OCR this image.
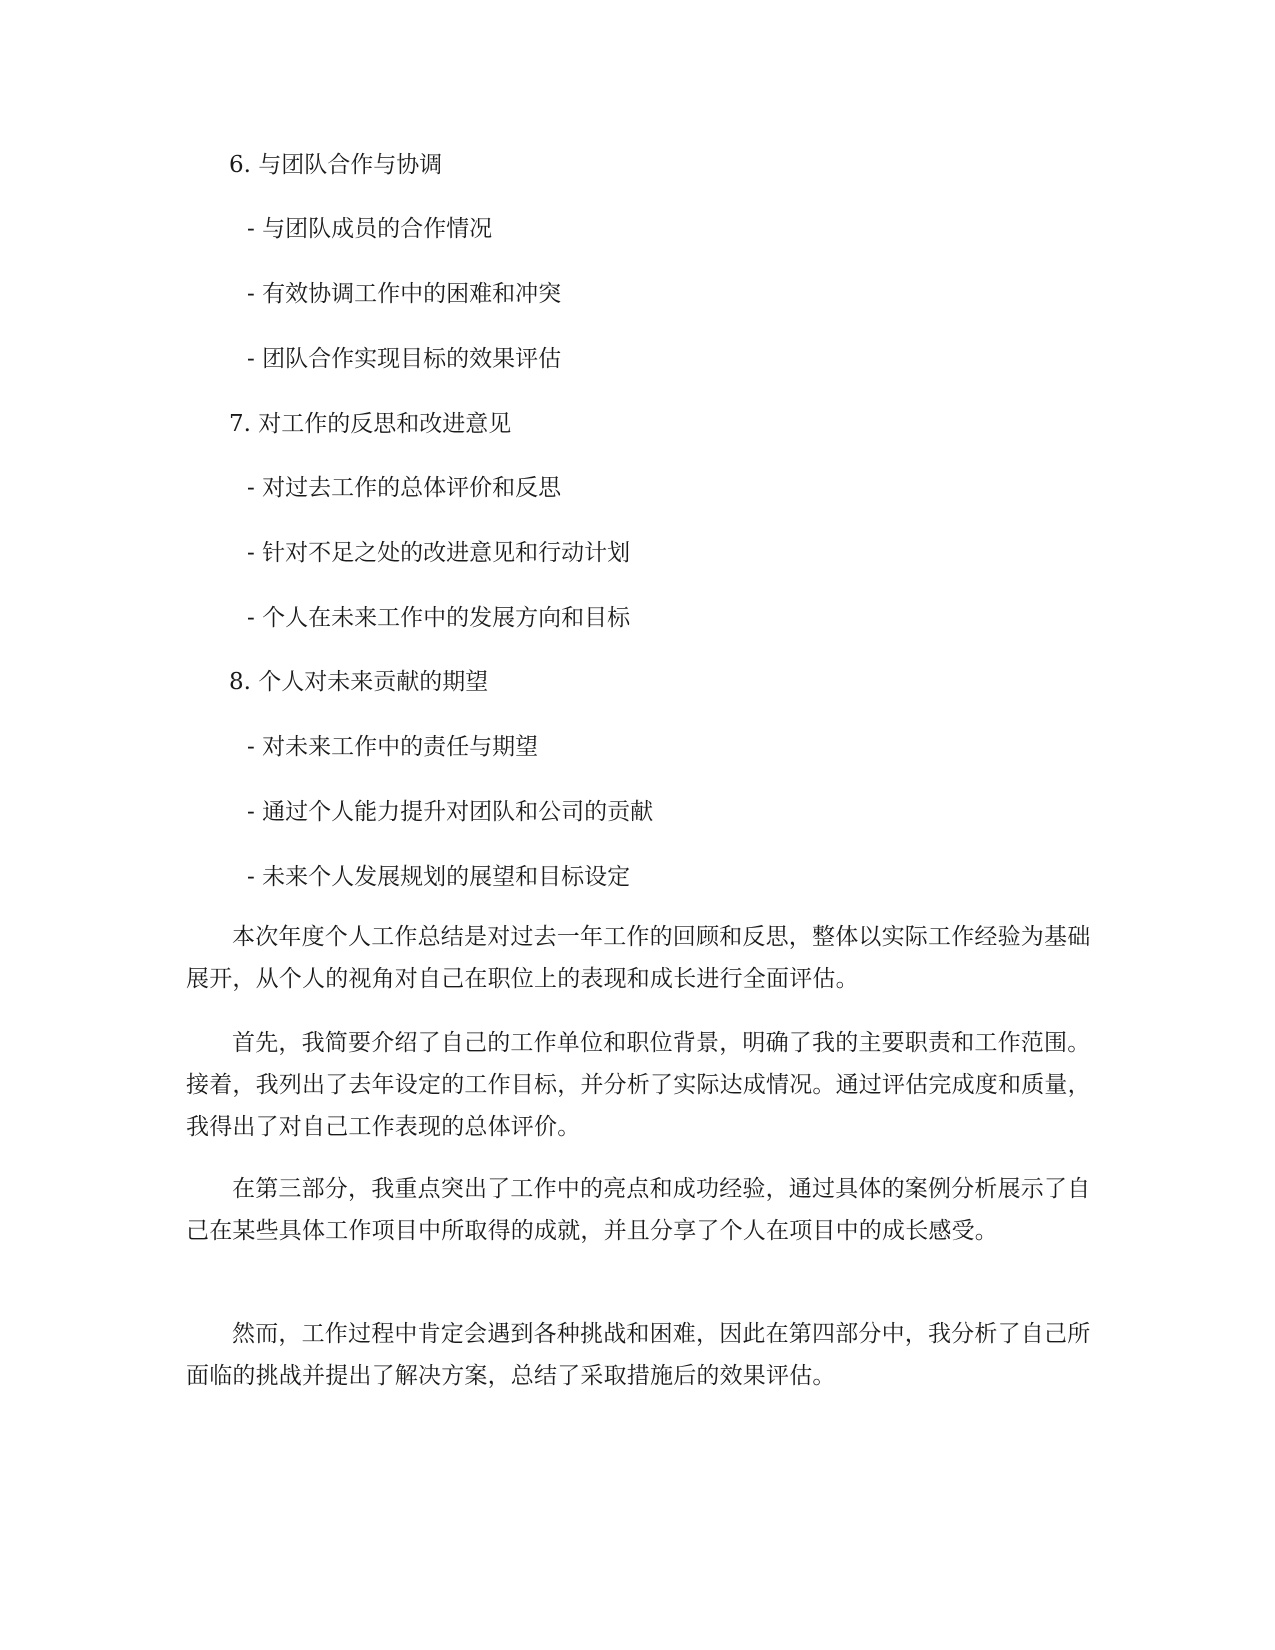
6. 与团队合作与协调
- 与团队成员的合作情况
- 有效协调工作中的困难和冲突
- 团队合作实现目标的效果评估
7. 对工作的反思和改进意见
- 对过去工作的总体评价和反思
- 针对不足之处的改进意见和行动计划
- 个人在未来工作中的发展方向和目标
8. 个人对未来贡献的期望
- 对未来工作中的责任与期望
- 通过个人能力提升对团队和公司的贡献
- 未来个人发展规划的展望和目标设定

本次年度个人工作总结是对过去一年工作的回顾和反思，整体以实际工作经验为基础展开，从个人的视角对自己在职位上的表现和成长进行全面评估。

首先，我简要介绍了自己的工作单位和职位背景，明确了我的主要职责和工作范围。接着，我列出了去年设定的工作目标，并分析了实际达成情况。通过评估完成度和质量，我得出了对自己工作表现的总体评价。

在第三部分，我重点突出了工作中的亮点和成功经验，通过具体的案例分析展示了自己在某些具体工作项目中所取得的成就，并且分享了个人在项目中的成长感受。

然而，工作过程中肯定会遇到各种挑战和困难，因此在第四部分中，我分析了自己所面临的挑战并提出了解决方案，总结了采取措施后的效果评估。
